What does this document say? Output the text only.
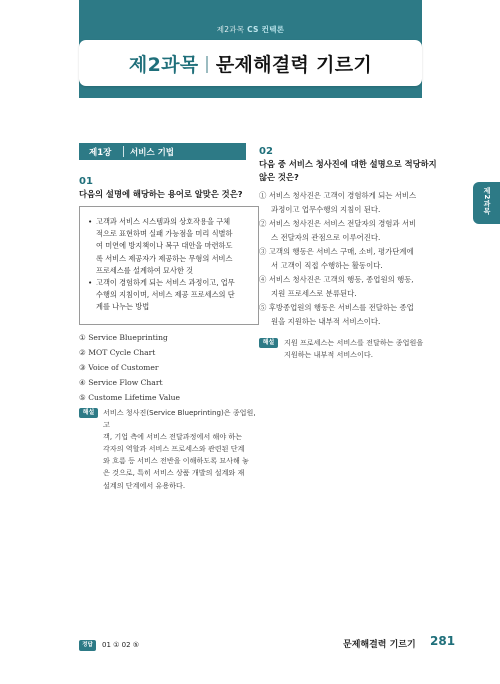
제2과목 CS 컨텍론
제2과목 문제해결력 기르기
제2과목
제1장 서비스 기법
01
다음의 설명에 해당하는 용어로 알맞은 것은?
• 고객과 서비스 시스템과의 상호작용을 구체
적으로 표현하며 실패 가능점을 미리 식별하
여 미연에 방지책이나 복구 대안을 마련하도
록 서비스 제공자가 제공하는 무형의 서비스
프로세스를 설계하여 묘사한 것
• 고객이 경험하게 되는 서비스 과정이고, 업무
수행의 지침이며, 서비스 제공 프로세스의 단
계를 나누는 방법
① Service Blueprinting
② MOT Cycle Chart
③ Voice of Customer
④ Service Flow Chart
⑤ Custome Lifetime Value
해설	서비스 청사진(Service Blueprinting)은 종업원, 고
객, 기업 측에 서비스 전달과정에서 해야 하는
각자의 역할과 서비스 프로세스와 관련된 단계
와 흐름 등 서비스 전반을 이해하도록 묘사해 놓
은 것으로, 특히 서비스 상품 개발의 설계와 재
설계의 단계에서 유용하다.
02
다음 중 서비스 청사진에 대한 설명으로 적당하지
않은 것은?
① 서비스 청사진은 고객이 경험하게 되는 서비스
과정이고 업무수행의 지침이 된다.
② 서비스 청사진은 서비스 전달자의 경험과 서비
스 전달자의 관점으로 이루어진다.
③ 고객의 행동은 서비스 구매, 소비, 평가단계에
서 고객이 직접 수행하는 활동이다.
④ 서비스 청사진은 고객의 행동, 종업원의 행동,
지원 프로세스로 분류된다.
⑤ 후방종업원의 행동은 서비스를 전달하는 종업
원을 지원하는 내부적 서비스이다.
해설	지원 프로세스는 서비스를 전달하는 종업원을
지원하는 내부적 서비스이다.
정답	01 ① 02 ⑤	문제해결력 기르기 281
